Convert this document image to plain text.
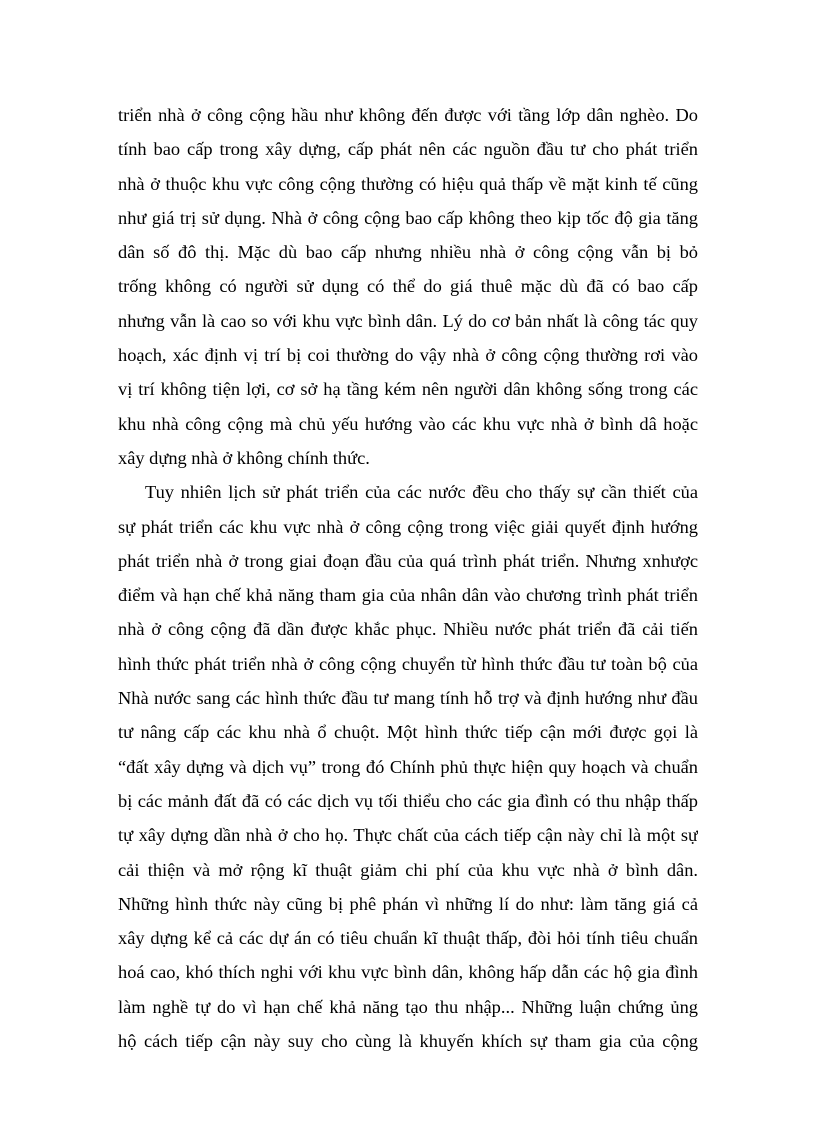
triển nhà ở công cộng hầu như không đến được với tầng lớp dân nghèo. Do
tính bao cấp trong xây dựng, cấp phát nên các nguồn đầu tư cho phát triển
nhà ở thuộc khu vực công cộng thường có hiệu quả thấp về mặt kinh tế cũng
như giá trị sử dụng. Nhà ở công cộng bao cấp không theo kịp tốc độ gia tăng
dân số đô thị. Mặc dù bao cấp nhưng nhiều nhà ở công cộng vẫn bị bỏ
trống không có người sử dụng có thể do giá thuê mặc dù đã có bao cấp
nhưng vẫn là cao so với khu vực bình dân. Lý do cơ bản nhất là công tác quy
hoạch, xác định vị trí bị coi thường do vậy nhà ở công cộng thường rơi vào
vị trí không tiện lợi, cơ sở hạ tầng kém nên người dân không sống trong các
khu nhà công cộng mà chủ yếu hướng vào các khu vực nhà ở bình dâ hoặc
xây dựng nhà ở không chính thức.
Tuy nhiên lịch sử phát triển của các nước đều cho thấy sự cần thiết của
sự phát triển các khu vực nhà ở công cộng trong việc giải quyết định hướng
phát triển nhà ở trong giai đoạn đầu của quá trình phát triển. Nhưng xnhược
điểm và hạn chế khả năng tham gia của nhân dân vào chương trình phát triển
nhà ở công cộng đã dần được khắc phục. Nhiều nước phát triển đã cải tiến
hình thức phát triển nhà ở công cộng chuyển từ hình thức đầu tư toàn bộ của
Nhà nước sang các hình thức đầu tư mang tính hỗ trợ và định hướng như đầu
tư nâng cấp các khu nhà ổ chuột. Một hình thức tiếp cận mới được gọi là
“đất xây dựng và dịch vụ” trong đó Chính phủ thực hiện quy hoạch và chuẩn
bị các mảnh đất đã có các dịch vụ tối thiểu cho các gia đình có thu nhập thấp
tự xây dựng dần nhà ở cho họ. Thực chất của cách tiếp cận này chỉ là một sự
cải thiện và mở rộng kĩ thuật giảm chi phí của khu vực nhà ở bình dân.
Những hình thức này cũng bị phê phán vì những lí do như: làm tăng giá cả
xây dựng kể cả các dự án có tiêu chuẩn kĩ thuật thấp, đòi hỏi tính tiêu chuẩn
hoá cao, khó thích nghi với khu vực bình dân, không hấp dẫn các hộ gia đình
làm nghề tự do vì hạn chế khả năng tạo thu nhập... Những luận chứng ủng
hộ cách tiếp cận này suy cho cùng là khuyến khích sự tham gia của cộng
